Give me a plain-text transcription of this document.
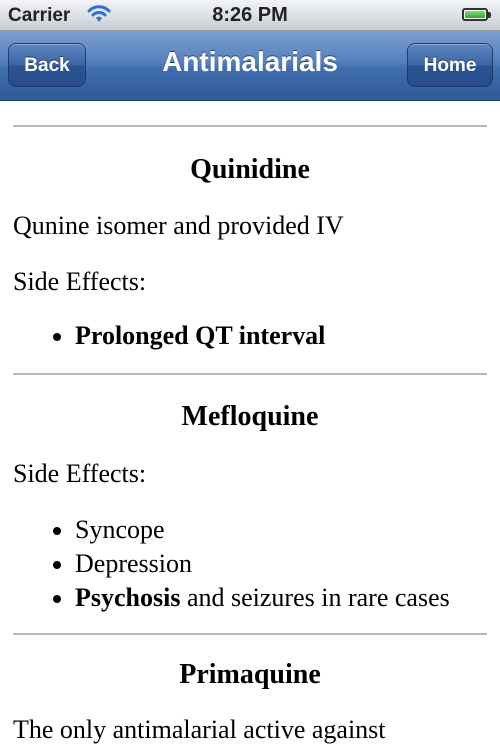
Carrier	8:26 PM
Back	Antimalarials	Home
Quinidine
Qunine isomer and provided IV
Side Effects:
• Prolonged QT interval
Mefloquine
Side Effects:
• Syncope
• Depression
• Psychosis and seizures in rare cases
Primaquine
The only antimalarial active against
